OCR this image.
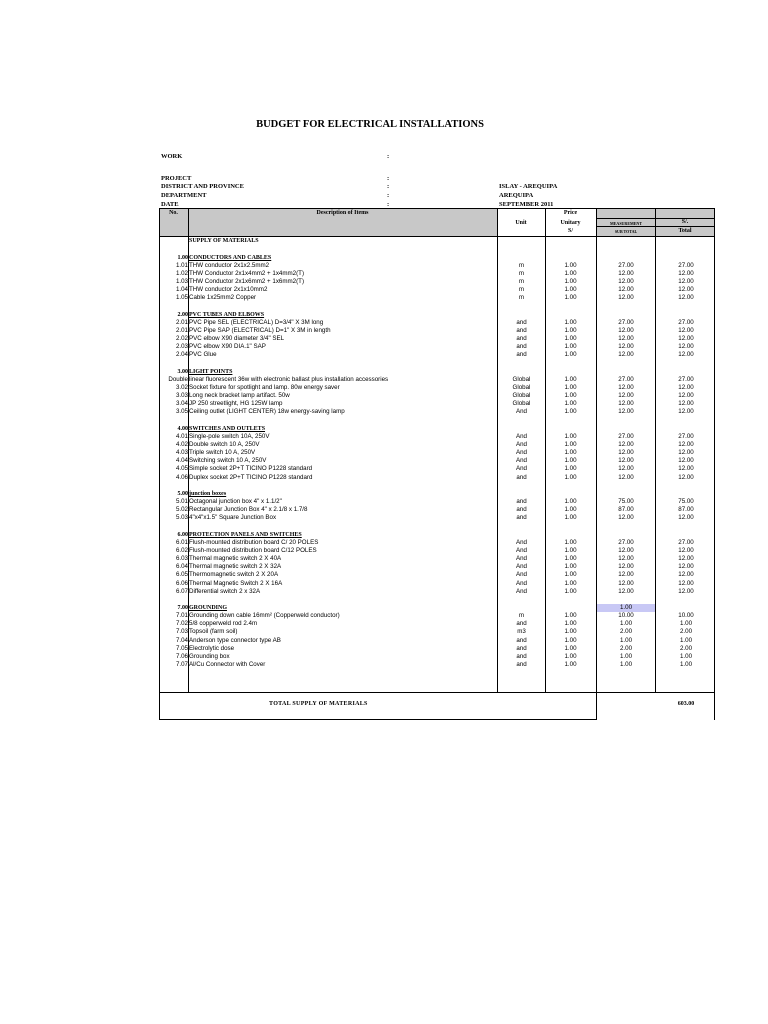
BUDGET FOR ELECTRICAL INSTALLATIONS
WORK	:
PROJECT	:
DISTRICT AND PROVINCE	:	ISLAY - AREQUIPA
DEPARTMENT	:	AREQUIPA
DATE	:	SEPTEMBER 2011
No.	Description of Items
Unit
Price
Unitary
S/
MEASUREMENT
SUB TOTAL
S/.
Total
SUPPLY OF MATERIALS
1.00 CONDUCTORS AND CABLES
1.01 THW conductor 2x1x2.5mm2	m	1.00	27.00	27.00
1.02 THW Conductor 2x1x4mm2 + 1x4mm2(T)	m	1.00	12.00	12.00
1.03 THW Conductor 2x1x6mm2 + 1x6mm2(T)	m	1.00	12.00	12.00
1.04 THW conductor 2x1x10mm2	m	1.00	12.00	12.00
1.05 Cable 1x25mm2 Copper	m	1.00	12.00	12.00
2.00 PVC TUBES AND ELBOWS
2.01 PVC Pipe SEL (ELECTRICAL) D=3/4" X 3M long	and	1.00	27.00	27.00
2.01 PVC Pipe SAP (ELECTRICAL) D=1" X 3M in length	and	1.00	12.00	12.00
2.02 PVC elbow X90 diameter 3/4" SEL	and	1.00	12.00	12.00
2.03 PVC elbow X90 DIA.1" SAP	and	1.00	12.00	12.00
2.04 PVC Glue	and	1.00	12.00	12.00
3.00 LIGHT POINTS
Double linear fluorescent 36w with electronic ballast plus installation accessories	Global	1.00	27.00	27.00
3.02 Socket fixture for spotlight and lamp. 80w energy saver	Global	1.00	12.00	12.00
3.03 Long neck bracket lamp artifact. 50w	Global	1.00	12.00	12.00
3.04 JP 250 streetlight, HG 125W lamp	Global	1.00	12.00	12.00
3.05 Ceiling outlet (LIGHT CENTER) 18w energy-saving lamp	And	1.00	12.00	12.00
4.00 SWITCHES AND OUTLETS
4.01 Single-pole switch 10A, 250V	And	1.00	27.00	27.00
4.02 Double switch 10 A, 250V	And	1.00	12.00	12.00
4.03 Triple switch 10 A, 250V	And	1.00	12.00	12.00
4.04 Switching switch 10 A, 250V	And	1.00	12.00	12.00
4.05 Simple socket 2P+T TICINO P1228 standard	And	1.00	12.00	12.00
4.06 Duplex socket 2P+T TICINO P1228 standard	and	1.00	12.00	12.00
5.00 junction boxes
5.01 Octagonal junction box 4" x 1.1/2"	and	1.00	75.00	75.00
5.02 Rectangular Junction Box 4" x 2.1/8 x 1.7/8	and	1.00	87.00	87.00
5.03 4"x4"x1.5" Square Junction Box	and	1.00	12.00	12.00
6.00 PROTECTION PANELS AND SWITCHES
6.01 Flush-mounted distribution board C/ 20 POLES	And	1.00	27.00	27.00
6.02 Flush-mounted distribution board C/12 POLES	And	1.00	12.00	12.00
6.03 Thermal magnetic switch 2 X 40A	And	1.00	12.00	12.00
6.04 Thermal magnetic switch 2 X 32A	And	1.00	12.00	12.00
6.05 Thermomagnetic switch 2 X 20A	And	1.00	12.00	12.00
6.06 Thermal Magnetic Switch 2 X 16A	And	1.00	12.00	12.00
6.07 Differential switch 2 x 32A	And	1.00	12.00	12.00
7.00 GROUNDING	1.00
7.01 Grounding down cable 16mm² (Copperweld conductor)	m	1.00	10.00	10.00
7.02 5/8 copperweld rod 2.4m	and	1.00	1.00	1.00
7.03 Topsoil (farm soil)	m3	1.00	2.00	2.00
7.04 Anderson type connector type AB	and	1.00	1.00	1.00
7.05 Electrolytic dose	and	1.00	2.00	2.00
7.06 Grounding box	and	1.00	1.00	1.00
7.07 Al/Cu Connector with Cover	and	1.00	1.00	1.00
TOTAL SUPPLY OF MATERIALS	603.00
